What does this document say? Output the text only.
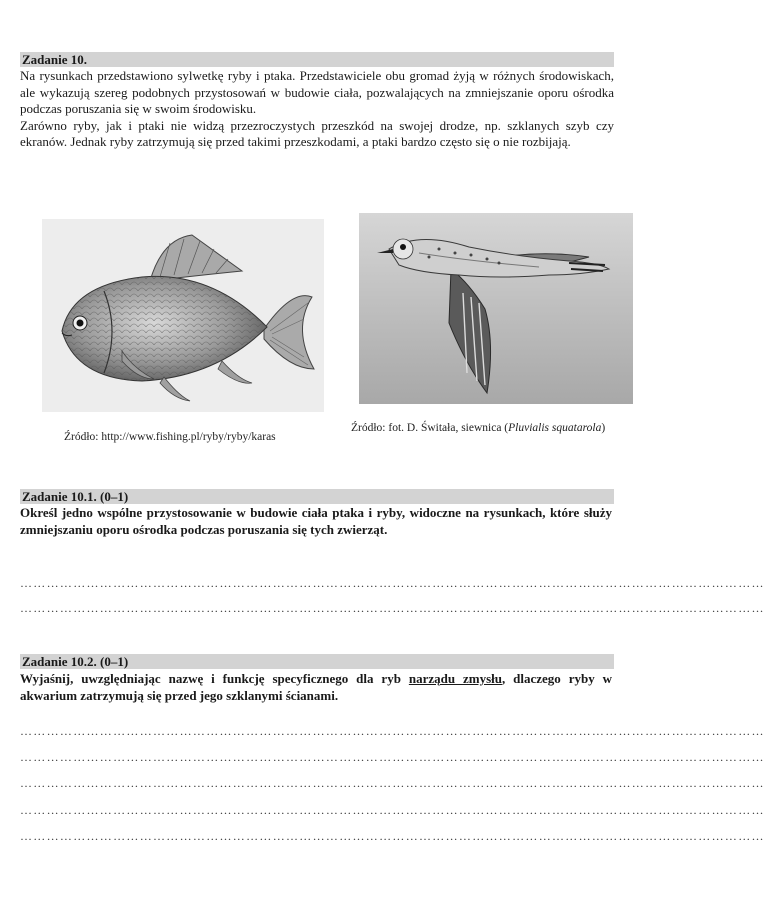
Zadanie 10.

Na rysunkach przedstawiono sylwetkę ryby i ptaka. Przedstawiciele obu gromad żyją w różnych środowiskach, ale wykazują szereg podobnych przystosowań w budowie ciała, pozwalających na zmniejszanie oporu ośrodka podczas poruszania się w swoim środowisku.

Zarówno ryby, jak i ptaki nie widzą przezroczystych przeszkód na swojej drodze, np. szklanych szyb czy ekranów. Jednak ryby zatrzymują się przed takimi przeszkodami, a ptaki bardzo często się o nie rozbijają.

Źródło: http://www.fishing.pl/ryby/ryby/karas
Źródło: fot. D. Świtała, siewnica (Pluvialis squatarola)
Zadanie 10.1. (0–1)
Określ jedno wspólne przystosowanie w budowie ciała ptaka i ryby, widoczne na rysunkach, które służy zmniejszaniu oporu ośrodka podczas poruszania się tych zwierząt.
……………………………………………………………………………………………………………………………………………………
……………………………………………………………………………………………………………………………………………………
Zadanie 10.2. (0–1)
Wyjaśnij, uwzględniając nazwę i funkcję specyficznego dla ryb narządu zmysłu, dlaczego ryby w akwarium zatrzymują się przed jego szklanymi ścianami.
……………………………………………………………………………………………………………………………………………………
……………………………………………………………………………………………………………………………………………………
……………………………………………………………………………………………………………………………………………………
……………………………………………………………………………………………………………………………………………………
……………………………………………………………………………………………………………………………………………………
